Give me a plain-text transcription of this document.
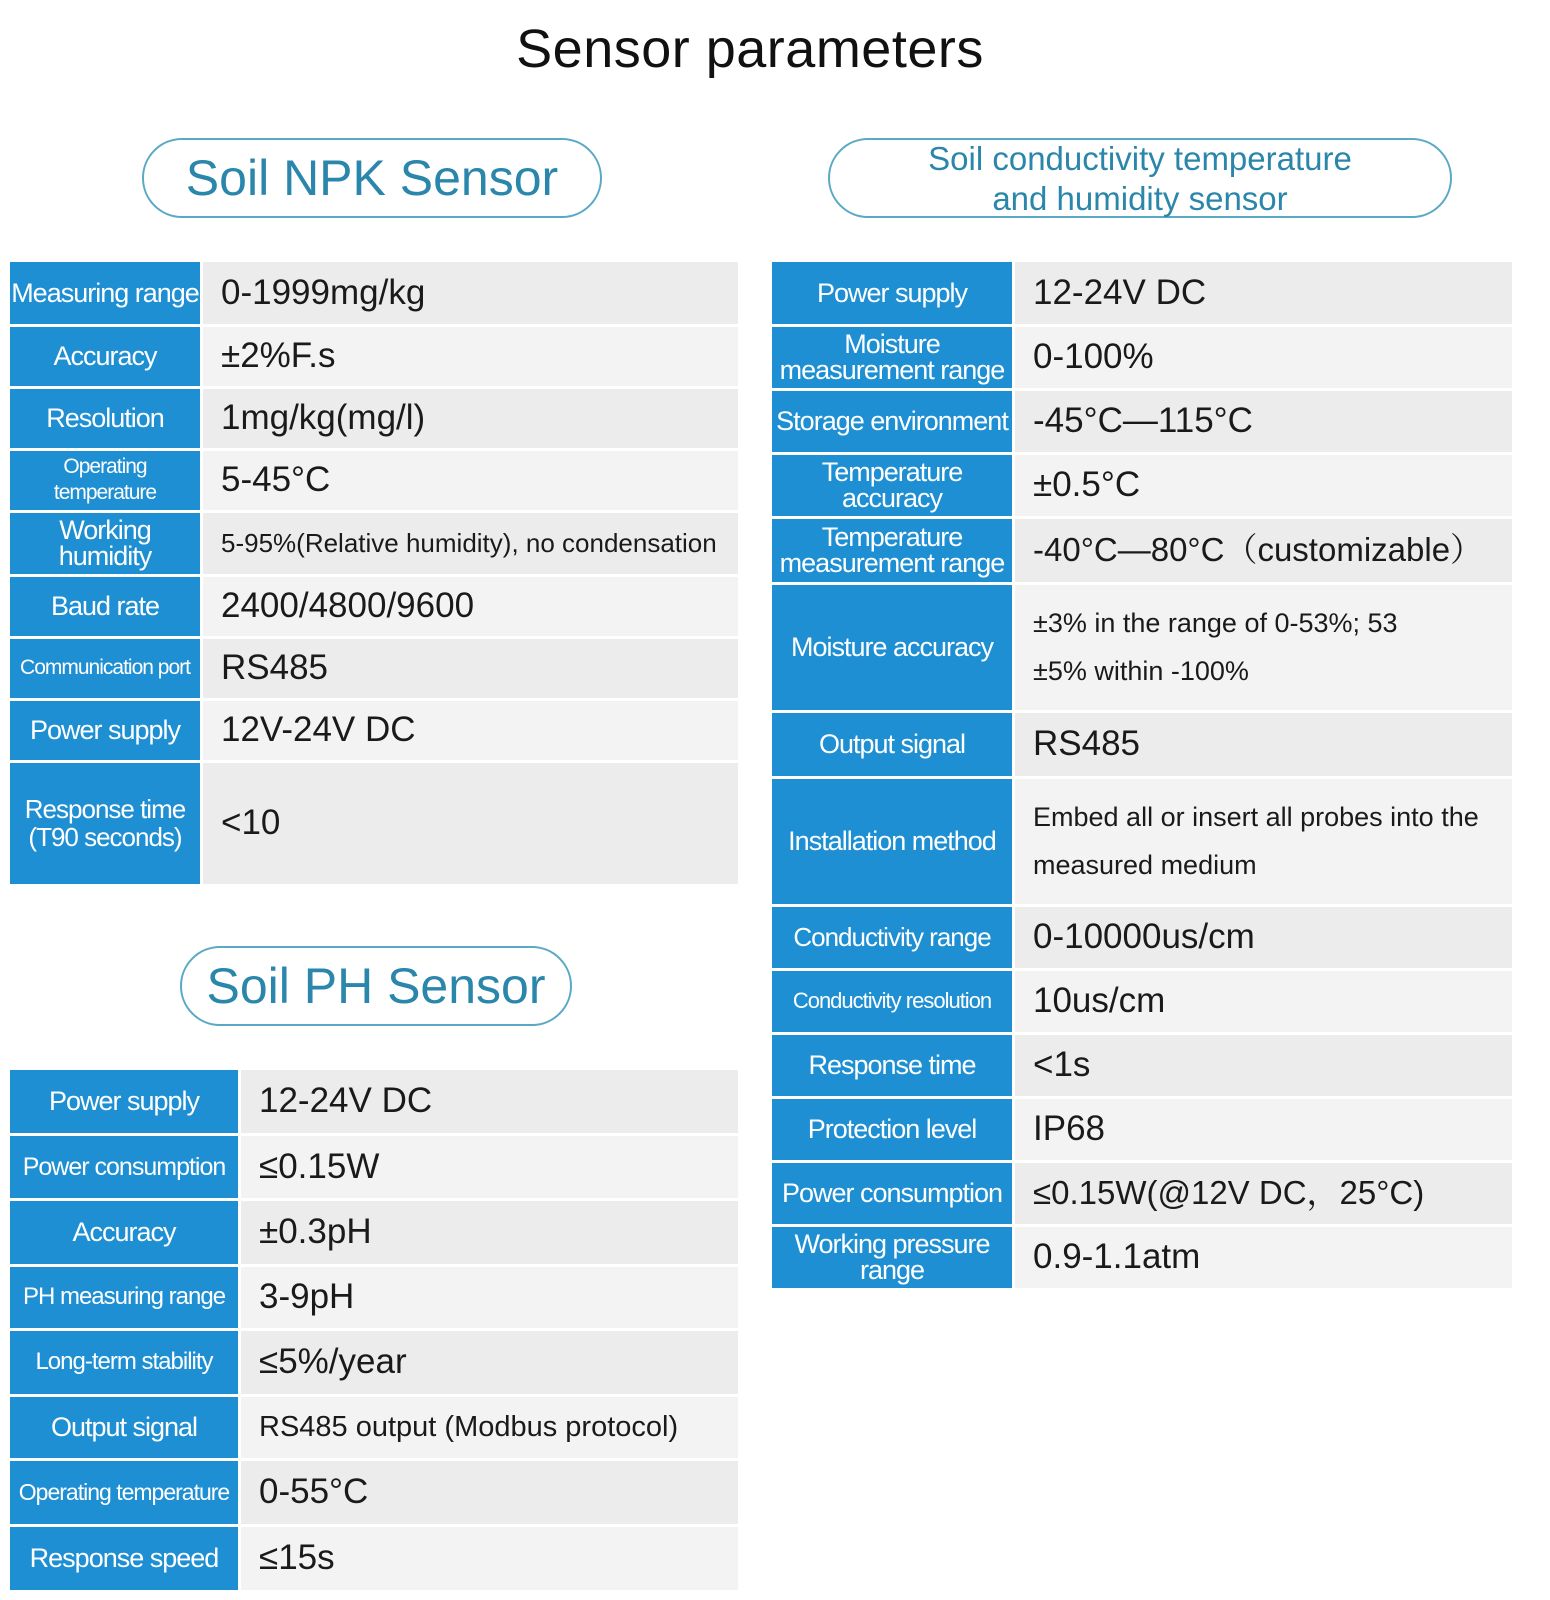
Sensor parameters
Soil NPK Sensor
Measuring range	0-1999mg/kg
Accuracy	±2%F.s
Resolution	1mg/kg(mg/l)
Operating temperature	5-45°C
Working humidity	5-95%(Relative humidity), no condensation
Baud rate	2400/4800/9600
Communication port	RS485
Power supply	12V-24V DC
Response time (T90 seconds)	<10
Soil PH Sensor
Power supply	12-24V DC
Power consumption	≤0.15W
Accuracy	±0.3pH
PH measuring range	3-9pH
Long-term stability	≤5%/year
Output signal	RS485 output (Modbus protocol)
Operating temperature	0-55°C
Response speed	≤15s
Soil conductivity temperature
and humidity sensor
Power supply	12-24V DC
Moisture measurement range	0-100%
Storage environment	-45°C—115°C
Temperature accuracy	±0.5°C
Temperature measurement range	-40°C—80°C（customizable）
Moisture accuracy	±3% in the range of 0-53%; 53
±5% within -100%

Output signal	RS485
Installation method	Embed all or insert all probes into the
measured medium

Conductivity range	0-10000us/cm
Conductivity resolution	10us/cm
Response time	<1s
Protection level	IP68
Power consumption	≤0.15W(@12V DC，25°C)
Working pressure range	0.9-1.1atm
